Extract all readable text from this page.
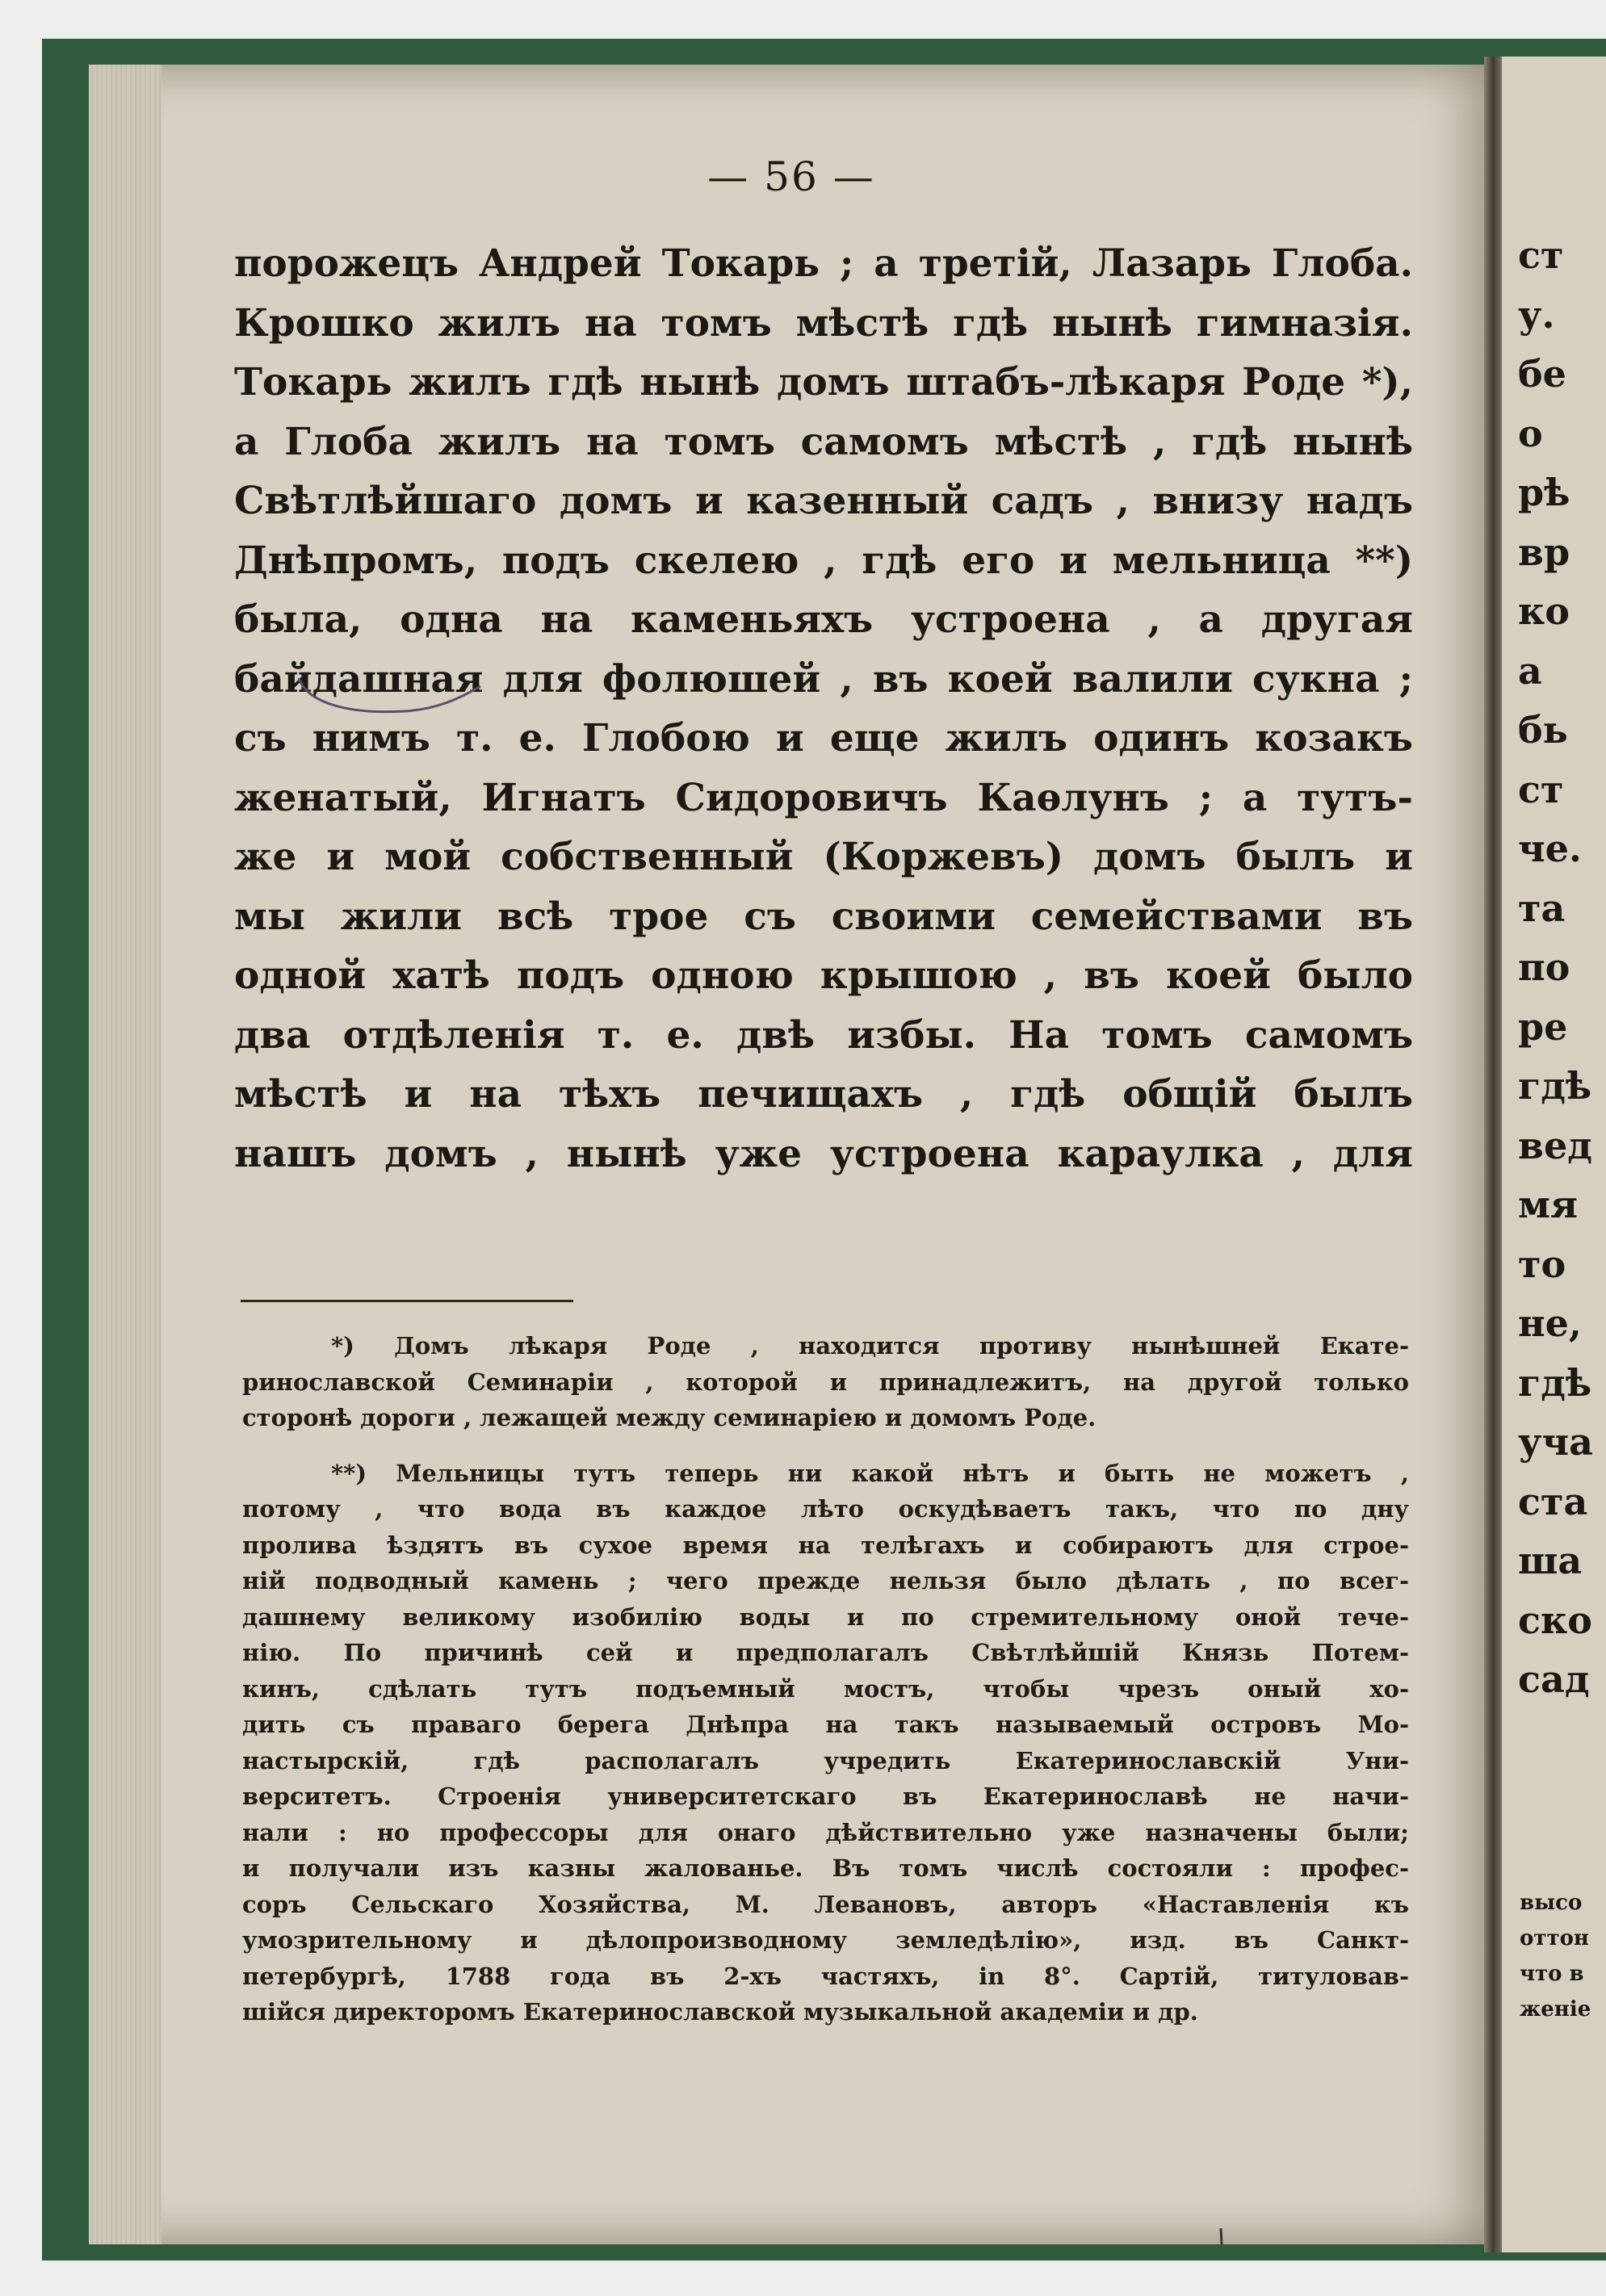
— 56 —
порожецъ Андрей Токарь ; а третій, Лазарь Глоба.
Крошко жилъ на томъ мѣстѣ гдѣ нынѣ гимназія.
Токарь жилъ гдѣ нынѣ домъ штабъ-лѣкаря Роде *),
а Глоба жилъ на томъ самомъ мѣстѣ , гдѣ нынѣ
Свѣтлѣйшаго домъ и казенный садъ , внизу надъ
Днѣпромъ, подъ скелею , гдѣ его и мельница **)
была, одна на каменьяхъ устроена , а другая
байдашная для фолюшей , въ коей валили сукна ;
съ нимъ т. е. Глобою и еще жилъ одинъ козакъ
женатый, Игнатъ Сидоровичъ Каѳлунъ ; а тутъ-
же и мой собственный (Коржевъ) домъ былъ и
мы жили всѣ трое съ своими семействами въ
одной хатѣ подъ одною крышою , въ коей было
два отдѣленія т. е. двѣ избы. На томъ самомъ
мѣстѣ и на тѣхъ печищахъ , гдѣ общій былъ
нашъ домъ , нынѣ уже устроена караулка , для
*) Домъ лѣкаря Роде , находится противу нынѣшней Екате-
ринославской Семинаріи , которой и принадлежитъ, на другой только
сторонѣ дороги , лежащей между семинаріею и домомъ Роде.
**) Мельницы тутъ теперь ни какой нѣтъ и быть не можетъ ,
потому , что вода въ каждое лѣто оскудѣваетъ такъ, что по дну
пролива ѣздятъ въ сухое время на телѣгахъ и собираютъ для строе-
ній подводный камень ; чего прежде нельзя было дѣлать , по всег-
дашнему великому изобилію воды и по стремительному оной тече-
нію. По причинѣ сей и предполагалъ Свѣтлѣйшій Князь Потем-
кинъ, сдѣлать тутъ подъемный мостъ, чтобы чрезъ оный хо-
дить съ праваго берега Днѣпра на такъ называемый островъ Мо-
настырскій, гдѣ располагалъ учредить Екатеринославскій Уни-
верситетъ. Строенія университетскаго въ Екатеринославѣ не начи-
нали : но профессоры для онаго дѣйствительно уже назначены были;
и получали изъ казны жалованье. Въ томъ числѣ состояли : профес-
соръ Сельскаго Хозяйства, М. Левановъ, авторъ «Наставленія къ
умозрительному и дѣлопроизводному земледѣлію», изд. въ Санкт-
петербургѣ, 1788 года въ 2-хъ частяхъ, in 8°. Сартій, титуловав-
шійся директоромъ Екатеринославской музыкальной академіи и др.
ст
у.
бе
о
рѣ
вр
ко
а
бь
ст
че.
та
по
ре
гдѣ
вед
мя
то
не,
гдѣ
уча
ста
ша
ско
сад
высо
оттон
что в
женіе
